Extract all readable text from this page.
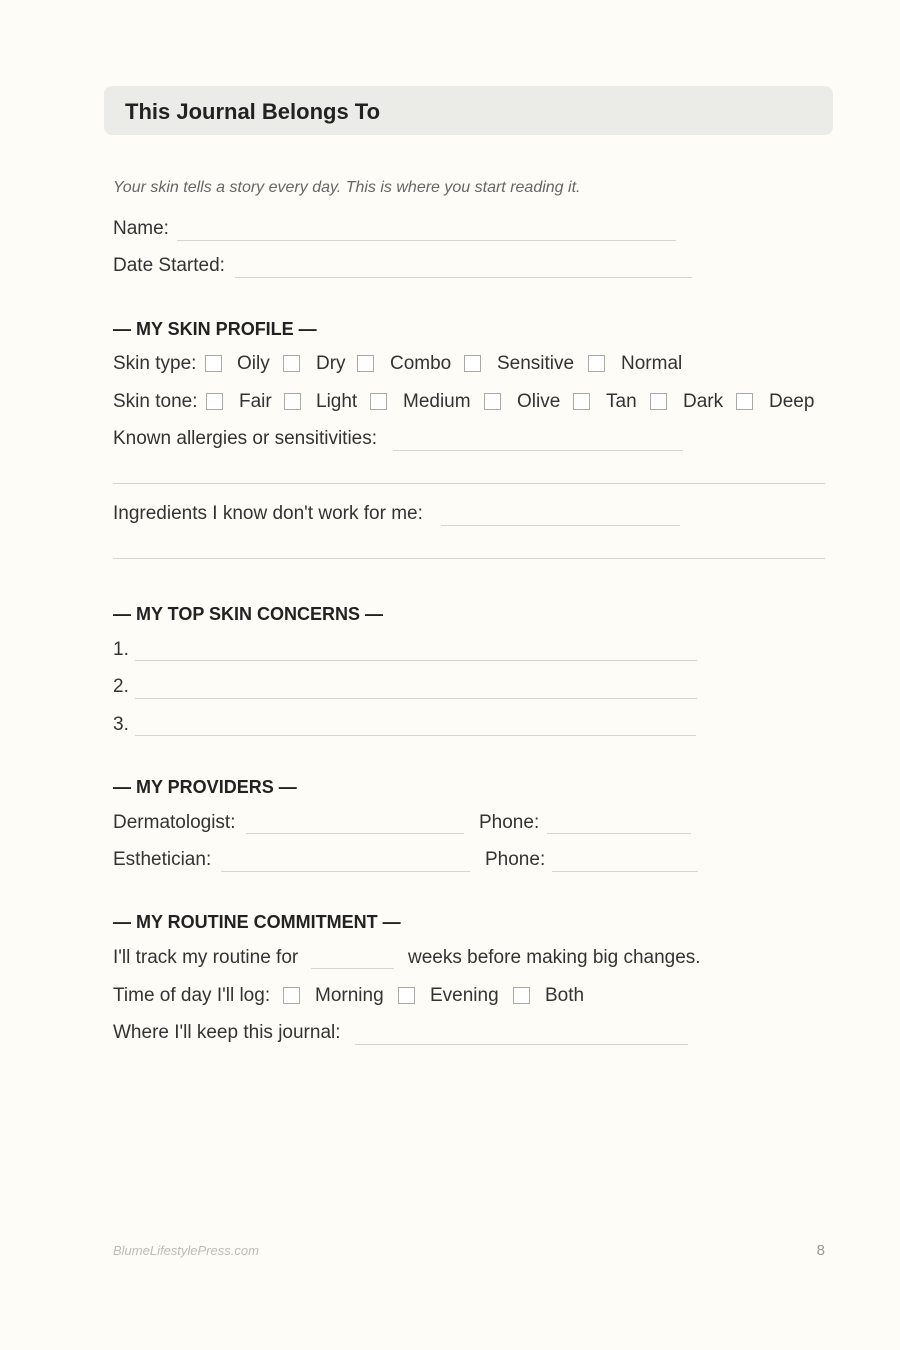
This Journal Belongs To
Your skin tells a story every day. This is where you start reading it.
Name:
Date Started:
— MY SKIN PROFILE —
Skin type: Oily Dry Combo Sensitive Normal
Skin tone: Fair Light Medium Olive Tan Dark Deep
Known allergies or sensitivities:
Ingredients I know don't work for me:
— MY TOP SKIN CONCERNS —
1.
2.
3.
— MY PROVIDERS —
Dermatologist:	Phone:
Esthetician:	Phone:
— MY ROUTINE COMMITMENT —
I'll track my routine for	weeks before making big changes.
Time of day I'll log: Morning Evening Both
Where I'll keep this journal:
BlumeLifestylePress.com	8
